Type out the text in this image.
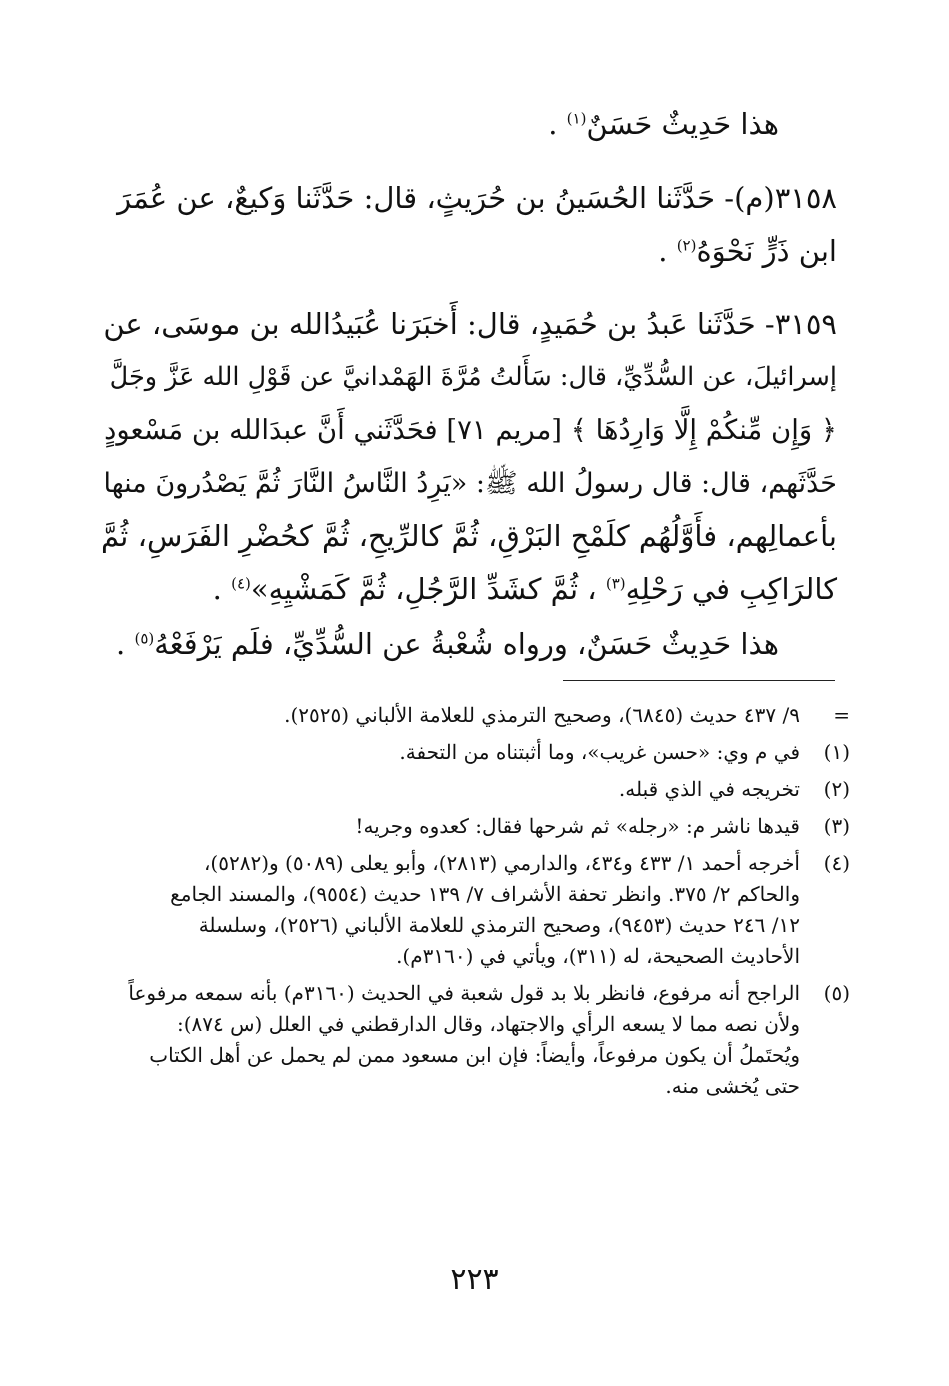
هذا حَدِيثٌ حَسَنٌ$^{(١)}$ .
٣١٥٨(م)- حَدَّثَنا الحُسَينُ بن حُرَيثٍ، قال: حَدَّثَنا وَكيعٌ، عن عُمَرَ
ابن ذَرٍّ نَحْوَهُ$^{(٢)}$ .
٣١٥٩- حَدَّثَنا عَبدُ بن حُمَيدٍ، قال: أَخبَرَنا عُبَيدُالله بن موسَى، عن
إسرائيلَ، عن السُّدِّيِّ، قال: سَأَلتُ مُرَّةَ الهَمْدانيَّ عن قَوْلِ الله عَزَّ وجَلَّ
﴿ وَإِن مِّنكُمْ إِلَّا وَارِدُهَا ﴾ [مريم ٧١] فحَدَّثَني أَنَّ عبدَالله بن مَسْعودٍ
حَدَّثَهم، قال: قال رسولُ الله ﷺ: «يَرِدُ النَّاسُ النَّارَ ثُمَّ يَصْدُرونَ منها
بأعمالِهم، فأَوَّلُهُم كلَمْحِ البَرْقِ، ثُمَّ كالرِّيحِ، ثُمَّ كحُضْرِ الفَرَسِ، ثُمَّ
كالرَاكِبِ في رَحْلِهِ$^{(٣)}$ ، ثُمَّ كشَدِّ الرَّجُلِ، ثُمَّ كَمَشْيِهِ»$^{(٤)}$ .
هذا حَدِيثٌ حَسَنٌ، ورواه شُعْبةُ عن السُّدِّيِّ، فلَم يَرْفَعْهُ$^{(٥)}$ .
=
٩/ ٤٣٧ حديث (٦٨٤٥)، وصحيح الترمذي للعلامة الألباني (٢٥٢٥).
(١)
في م وي: «حسن غريب»، وما أثبتناه من التحفة.
(٢)
تخريجه في الذي قبله.
(٣)
قيدها ناشر م: «رجله» ثم شرحها فقال: كعدوه وجريه!
(٤)
أخرجه أحمد ١/ ٤٣٣ و٤٣٤، والدارمي (٢٨١٣)، وأبو يعلى (٥٠٨٩) و(٥٢٨٢)،
والحاكم ٢/ ٣٧٥. وانظر تحفة الأشراف ٧/ ١٣٩ حديث (٩٥٥٤)، والمسند الجامع
١٢/ ٢٤٦ حديث (٩٤٥٣)، وصحيح الترمذي للعلامة الألباني (٢٥٢٦)، وسلسلة
الأحاديث الصحيحة، له (٣١١)، ويأتي في (٣١٦٠م).
(٥)
الراجح أنه مرفوع، فانظر بلا بد قول شعبة في الحديث (٣١٦٠م) بأنه سمعه مرفوعاً
ولأن نصه مما لا يسعه الرأي والاجتهاد، وقال الدارقطني في العلل (س ٨٧٤):
ويُحتَملُ أن يكون مرفوعاً، وأيضاً: فإن ابن مسعود ممن لم يحمل عن أهل الكتاب
حتى يُخشى منه.
٢٢٣
